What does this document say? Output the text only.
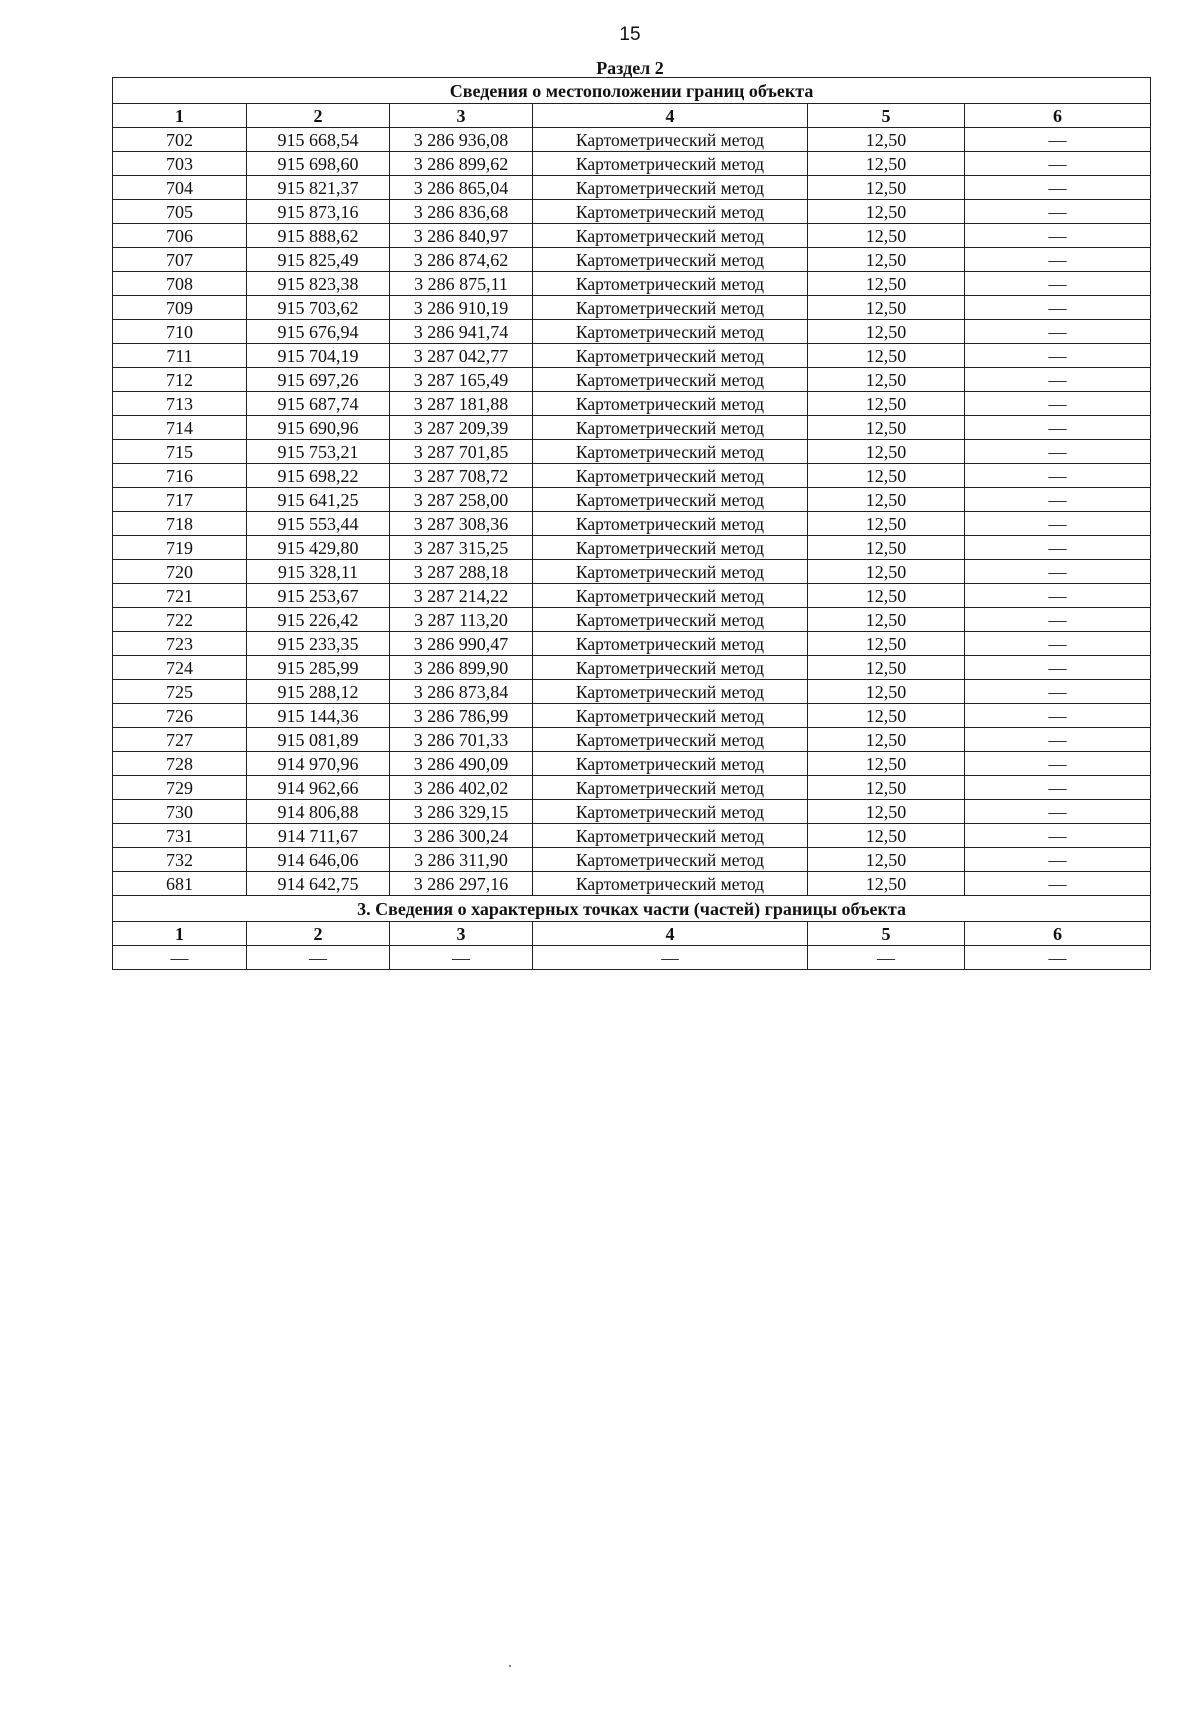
15
Раздел 2
Сведения о местоположении границ объекта					
1	2	3	4	5	6
702	915 668,54	3 286 936,08	Картометрический метод	12,50	—
703	915 698,60	3 286 899,62	Картометрический метод	12,50	—
704	915 821,37	3 286 865,04	Картометрический метод	12,50	—
705	915 873,16	3 286 836,68	Картометрический метод	12,50	—
706	915 888,62	3 286 840,97	Картометрический метод	12,50	—
707	915 825,49	3 286 874,62	Картометрический метод	12,50	—
708	915 823,38	3 286 875,11	Картометрический метод	12,50	—
709	915 703,62	3 286 910,19	Картометрический метод	12,50	—
710	915 676,94	3 286 941,74	Картометрический метод	12,50	—
711	915 704,19	3 287 042,77	Картометрический метод	12,50	—
712	915 697,26	3 287 165,49	Картометрический метод	12,50	—
713	915 687,74	3 287 181,88	Картометрический метод	12,50	—
714	915 690,96	3 287 209,39	Картометрический метод	12,50	—
715	915 753,21	3 287 701,85	Картометрический метод	12,50	—
716	915 698,22	3 287 708,72	Картометрический метод	12,50	—
717	915 641,25	3 287 258,00	Картометрический метод	12,50	—
718	915 553,44	3 287 308,36	Картометрический метод	12,50	—
719	915 429,80	3 287 315,25	Картометрический метод	12,50	—
720	915 328,11	3 287 288,18	Картометрический метод	12,50	—
721	915 253,67	3 287 214,22	Картометрический метод	12,50	—
722	915 226,42	3 287 113,20	Картометрический метод	12,50	—
723	915 233,35	3 286 990,47	Картометрический метод	12,50	—
724	915 285,99	3 286 899,90	Картометрический метод	12,50	—
725	915 288,12	3 286 873,84	Картометрический метод	12,50	—
726	915 144,36	3 286 786,99	Картометрический метод	12,50	—
727	915 081,89	3 286 701,33	Картометрический метод	12,50	—
728	914 970,96	3 286 490,09	Картометрический метод	12,50	—
729	914 962,66	3 286 402,02	Картометрический метод	12,50	—
730	914 806,88	3 286 329,15	Картометрический метод	12,50	—
731	914 711,67	3 286 300,24	Картометрический метод	12,50	—
732	914 646,06	3 286 311,90	Картометрический метод	12,50	—
681	914 642,75	3 286 297,16	Картометрический метод	12,50	—
3. Сведения о характерных точках части (частей) границы объекта					
1	2	3	4	5	6
—	—	—	—	—	—
